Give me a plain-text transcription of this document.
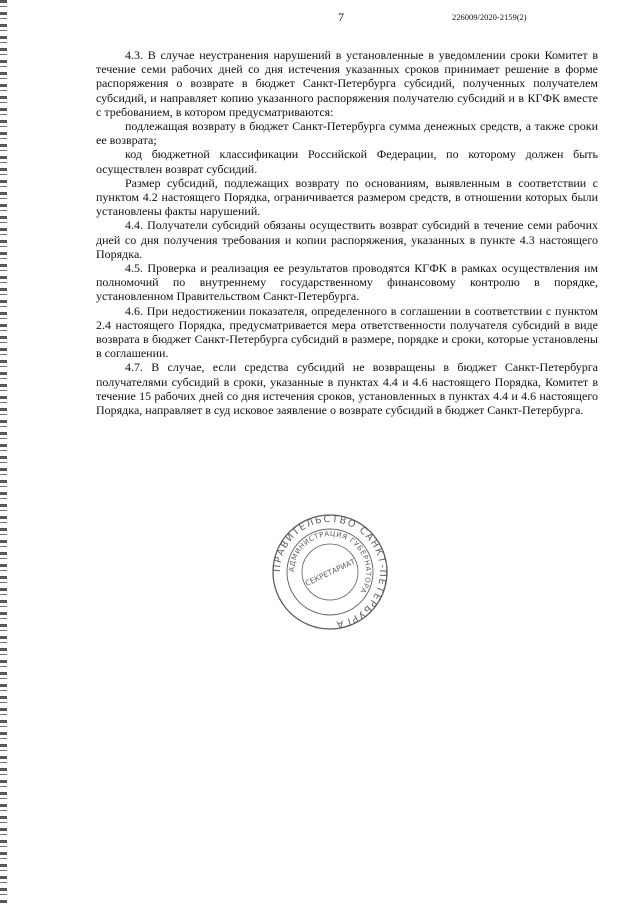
7	226009/2020-2159(2)

4.3. В случае неустранения нарушений в установленные в уведомлении сроки Комитет в течение семи рабочих дней со дня истечения указанных сроков принимает решение в форме распоряжения о возврате в бюджет Санкт-Петербурга субсидий, полученных получателем субсидий, и направляет копию указанного распоряжения получателю субсидий и в КГФК вместе с требованием, в котором предусматриваются:

подлежащая возврату в бюджет Санкт-Петербурга сумма денежных средств, а также сроки ее возврата;

код бюджетной классификации Российской Федерации, по которому должен быть осуществлен возврат субсидий.

Размер субсидий, подлежащих возврату по основаниям, выявленным в соответствии с пунктом 4.2 настоящего Порядка, ограничивается размером средств, в отношении которых были установлены факты нарушений.

4.4. Получатели субсидий обязаны осуществить возврат субсидий в течение семи рабочих дней со дня получения требования и копии распоряжения, указанных в пункте 4.3 настоящего Порядка.

4.5. Проверка и реализация ее результатов проводятся КГФК в рамках осуществления им полномочий по внутреннему государственному финансовому контролю в порядке, установленном Правительством Санкт-Петербурга.

4.6. При недостижении показателя, определенного в соглашении в соответствии с пунктом 2.4 настоящего Порядка, предусматривается мера ответственности получателя субсидий в виде возврата в бюджет Санкт-Петербурга субсидий в размере, порядке и сроки, которые установлены в соглашении.

4.7. В случае, если средства субсидий не возвращены в бюджет Санкт-Петербурга получателями субсидий в сроки, указанные в пунктах 4.4 и 4.6 настоящего Порядка, Комитет в течение 15 рабочих дней со дня истечения сроков, установленных в пунктах 4.4 и 4.6 настоящего Порядка, направляет в суд исковое заявление о возврате субсидий в бюджет Санкт-Петербурга.

ПРАВИТЕЛЬСТВО САНКТ-ПЕТЕРБУРГА
АДМИНИСТРАЦИЯ ГУБЕРНАТОРА
СЕКРЕТАРИАТ
